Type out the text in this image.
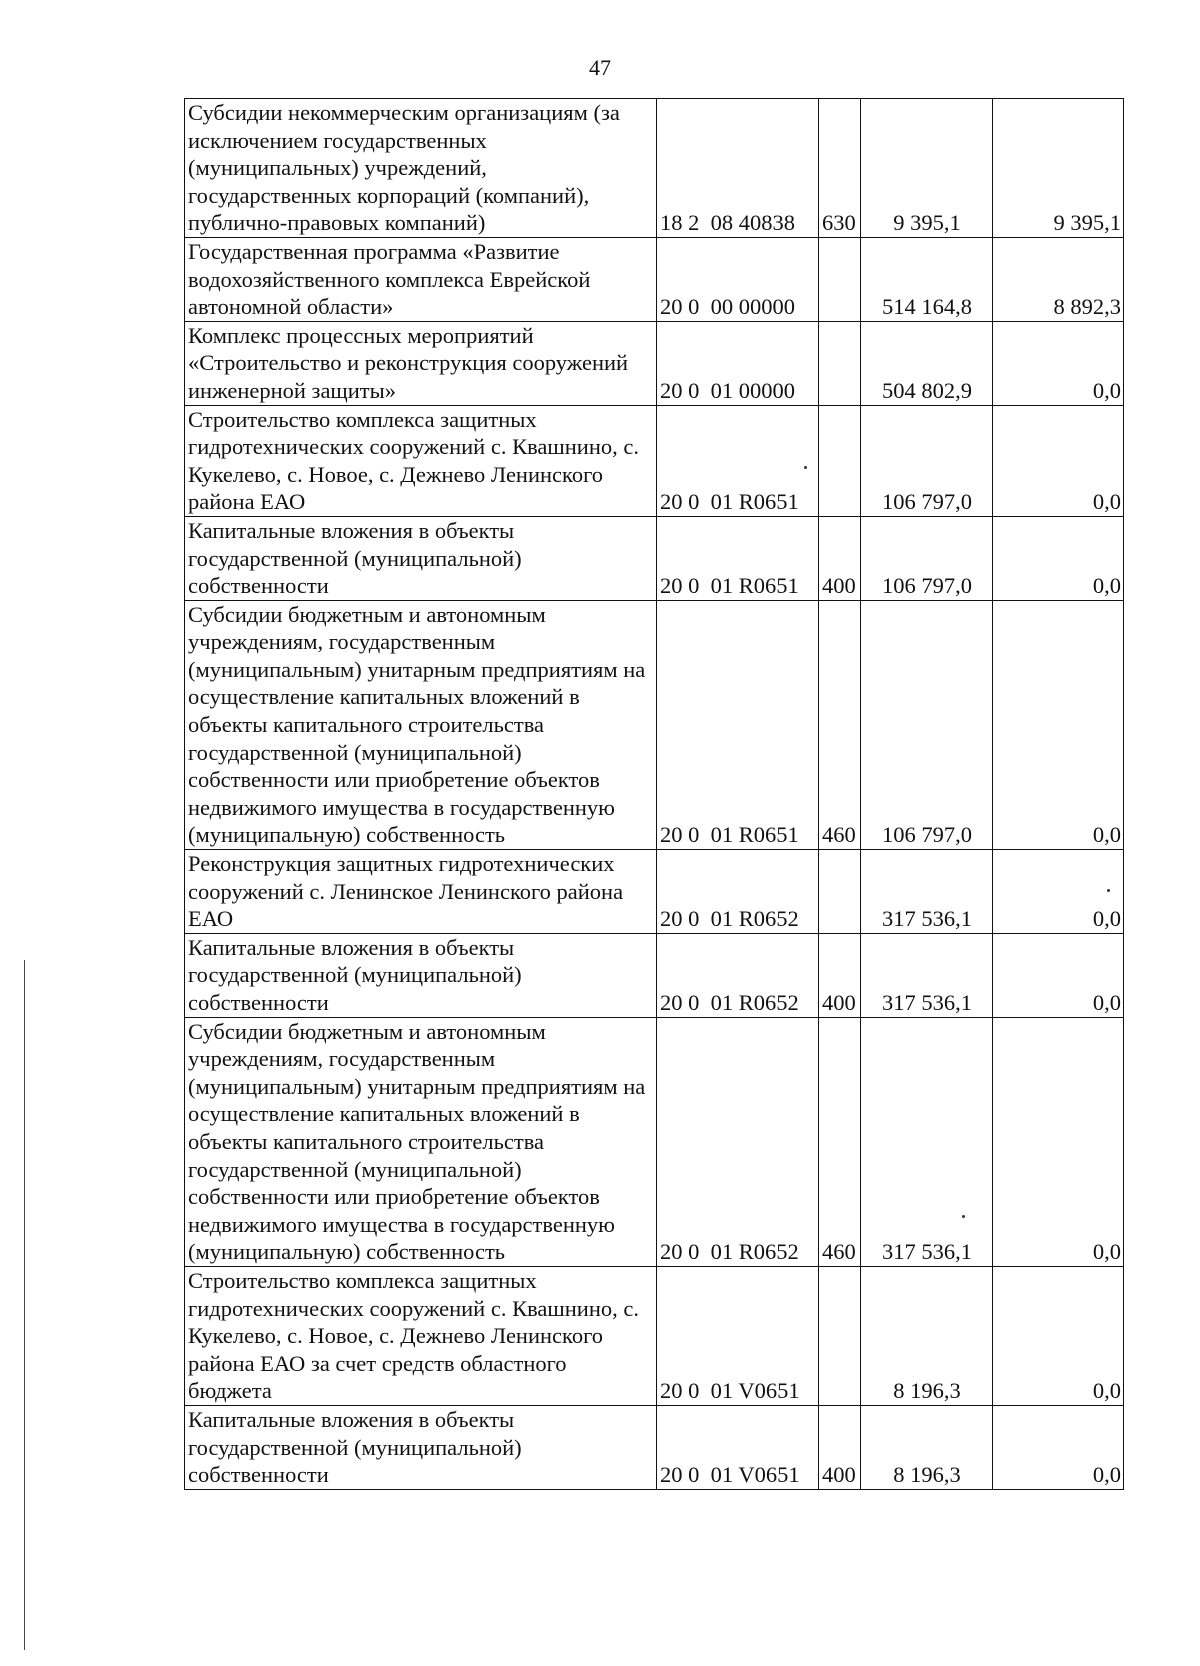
47
Субсидии некоммерческим организациям (за исключением государственных (муниципальных) учреждений, государственных корпораций (компаний), публично-правовых компаний)	18 2  08 40838	630	9 395,1	9 395,1
Государственная программа «Развитие водохозяйственного комплекса Еврейской автономной области»	20 0  00 00000		514 164,8	8 892,3
Комплекс процессных мероприятий «Строительство и реконструкция сооружений инженерной защиты»	20 0  01 00000		504 802,9	0,0
Строительство комплекса защитных гидротехнических сооружений с. Квашнино, с. Кукелево, с. Новое, с. Дежнево Ленинского района ЕАО	20 0  01 R0651		106 797,0	0,0
Капитальные вложения в объекты государственной (муниципальной) собственности	20 0  01 R0651	400	106 797,0	0,0
Субсидии бюджетным и автономным учреждениям, государственным (муниципальным) унитарным предприятиям на осуществление капитальных вложений в объекты капитального строительства государственной (муниципальной) собственности или приобретение объектов недвижимого имущества в государственную (муниципальную) собственность	20 0  01 R0651	460	106 797,0	0,0
Реконструкция защитных гидротехнических сооружений с. Ленинское Ленинского района ЕАО	20 0  01 R0652		317 536,1	0,0
Капитальные вложения в объекты государственной (муниципальной) собственности	20 0  01 R0652	400	317 536,1	0,0
Субсидии бюджетным и автономным учреждениям, государственным (муниципальным) унитарным предприятиям на осуществление капитальных вложений в объекты капитального строительства государственной (муниципальной) собственности или приобретение объектов недвижимого имущества в государственную (муниципальную) собственность	20 0  01 R0652	460	317 536,1	0,0
Строительство комплекса защитных гидротехнических сооружений с. Квашнино, с. Кукелево, с. Новое, с. Дежнево Ленинского района ЕАО за счет средств областного бюджета	20 0  01 V0651		8 196,3	0,0
Капитальные вложения в объекты государственной (муниципальной) собственности	20 0  01 V0651	400	8 196,3	0,0
